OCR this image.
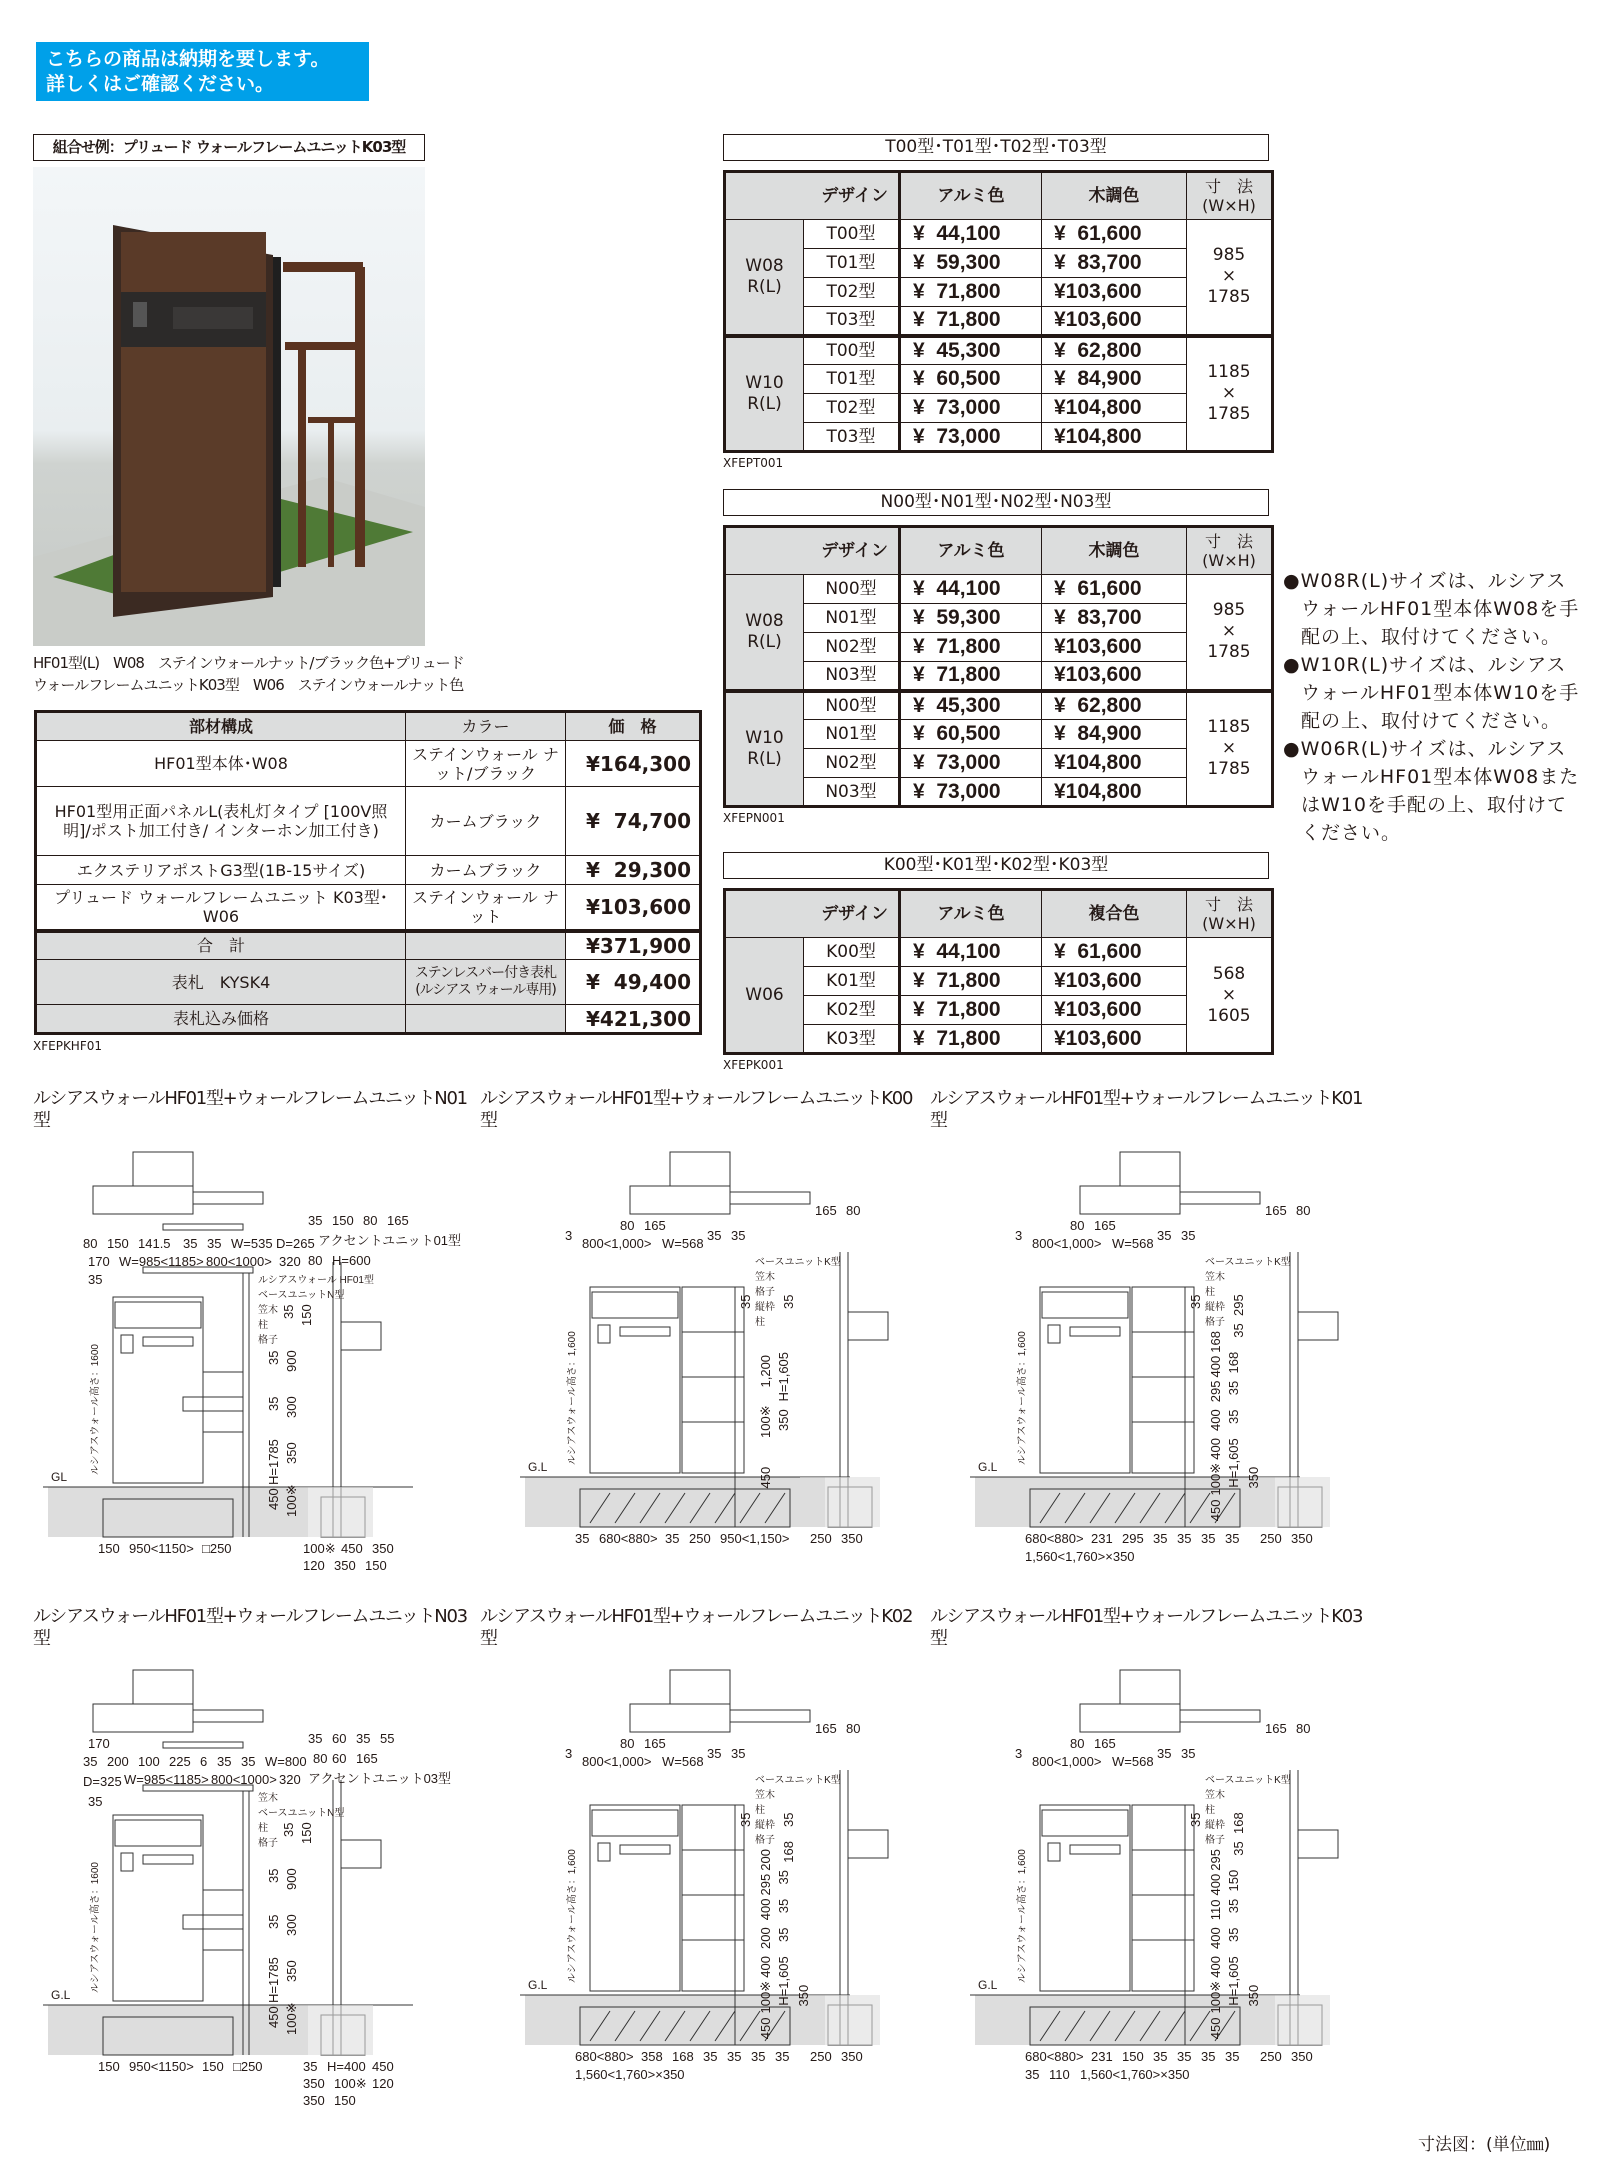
こちらの商品は納期を要します。
詳しくはご確認ください。
組合せ例：プリュード ウォールフレームユニットK03型
HF01型(L)　W08　ステインウォールナット/ブラック色+プリュード
ウォールフレームユニットK03型　W06　ステインウォールナット色
部材構成	カラー	価　格
HF01型本体･W08	ステインウォール ナット/ブラック	¥164,300
HF01型用正面パネルL(表札灯タイプ [100V照明]/ポスト加工付き/ インターホン加工付き)	カームブラック	¥  74,700
エクステリアポストG3型(1B-15サイズ)	カームブラック	¥  29,300
プリュード ウォールフレームユニット K03型･W06	ステインウォール ナット	¥103,600
合　計		¥371,900
表札　KYSK4	ステンレスバー付き表札 (ルシアス ウォール専用)	¥  49,400
表札込み価格		¥421,300
XFEPKHF01
T00型･T01型･T02型･T03型
デザイン		アルミ色	木調色	寸　法 (W×H)
W08 R(L)	T00型	¥  44,100	¥  61,600	985
×
1785

	T01型	¥  59,300	¥  83,700	
	T02型	¥  71,800	¥103,600	
	T03型	¥  71,800	¥103,600	
W10 R(L)	T00型	¥  45,300	¥  62,800	1185
×
1785

	T01型	¥  60,500	¥  84,900	
	T02型	¥  73,000	¥104,800	
	T03型	¥  73,000	¥104,800	
XFEPT001
N00型･N01型･N02型･N03型
デザイン		アルミ色	木調色	寸　法 (W×H)
W08 R(L)	N00型	¥  44,100	¥  61,600	985
×
1785

	N01型	¥  59,300	¥  83,700	
	N02型	¥  71,800	¥103,600	
	N03型	¥  71,800	¥103,600	
W10 R(L)	N00型	¥  45,300	¥  62,800	1185
×
1785

	N01型	¥  60,500	¥  84,900	
	N02型	¥  73,000	¥104,800	
	N03型	¥  73,000	¥104,800	
XFEPN001
K00型･K01型･K02型･K03型
デザイン		アルミ色	複合色	寸　法 (W×H)
W06	K00型	¥  44,100	¥  61,600	568
×
1605

	K01型	¥  71,800	¥103,600	
	K02型	¥  71,800	¥103,600	
	K03型	¥  71,800	¥103,600	
XFEPK001
●W08R(L)サイズは、ルシアス ウォールHF01型本体W08を手配の上、取付けてください。
●W10R(L)サイズは、ルシアス ウォールHF01型本体W10を手配の上、取付けてください。
●W06R(L)サイズは、ルシアス ウォールHF01型本体W08またはW10を手配の上、取付けてください。
ルシアスウォールHF01型+ウォールフレームユニットN01型
80 150 141.5 35 35 W=535 D=265
170 W=985<1185> 800<1000> 320
35	ルシアスウォール HF01型
ベースユニットN型
笠木
柱
格子
ルシアスウォール高さ：1600
GL
35 150
35 900
35 300
H=1785 350
450 100※
150 950<1150> □250
35 150 80 165
アクセントユニット01型
80 H=600
100※ 450 350
120 350 150
ルシアスウォールHF01型+ウォールフレームユニットK00型
80 165
3
800<1,000> W=568
35 35
ベースユニットK型
笠木
格子
縦枠
柱
ルシアスウォール高さ：1,600
G.L
35 35
1,200 H=1,605
100※ 350
450
35 680<880> 35 250 950<1,150>
165 80
250 350
ルシアスウォールHF01型+ウォールフレームユニットK01型
80 165
3
800<1,000> W=568
35 35
ベースユニットK型
笠木
柱
縦枠
格子
ルシアスウォール高さ：1,600
G.L
35 295
168
35
400 168
295 35
400 35
400 H=1,605
100※ 350
450
680<880> 231 295 35 35 35 35
1,560<1,760>×350
165 80
250 350
ルシアスウォールHF01型+ウォールフレームユニットN03型
35 200 100 225 6 35 35 W=800
D=325
170
W=985<1185> 800<1000> 320
35	笠木
ベースユニットN型
柱
格子
ルシアスウォール高さ：1600
G.L
35 150
35 900
35 300
H=1785 350
450 100※
150 950<1150> 150 □250
35 60 35 55
80 60 165
アクセントユニット03型
35 H=400 450
350 100※ 120
350 150
ルシアスウォールHF01型+ウォールフレームユニットK02型
80 165
3
800<1,000> W=568
35 35
ベースユニットK型
笠木
柱
縦枠
格子
ルシアスウォール高さ：1,600
G.L
35 35
200 168
295 35
400 35
200 35
400 H=1,605
100※ 350
450
680<880> 358 168 35 35 35 35
1,560<1,760>×350
165 80
250 350
ルシアスウォールHF01型+ウォールフレームユニットK03型
80 165
3
800<1,000> W=568
35 35
ベースユニットK型
笠木
柱
縦枠
格子
ルシアスウォール高さ：1,600
G.L
35 168
295
35
400 150
110 35
400 35
400 H=1,605
100※ 350
450
680<880> 231 150 35 35 35 35
35 110 1,560<1,760>×350
165 80
250 350
寸法図：(単位㎜)
